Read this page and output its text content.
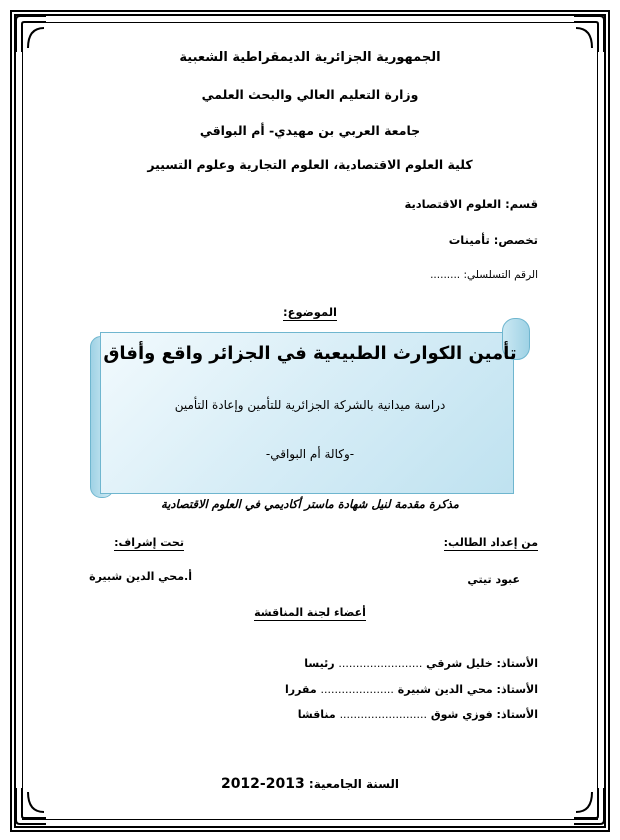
الجمهورية الجزائرية الديمقراطية الشعبية
وزارة التعليم العالي والبحث العلمي
جامعة العربي بن مهيدي- أم البواقي
كلية العلوم الاقتصادية، العلوم التجارية وعلوم التسيير
قسم: العلوم الاقتصادية
تخصص: تأمينات
الرقم التسلسلي: .........
الموضوع:
تأمين الكوارث الطبيعية في الجزائر واقع وأفاق
دراسة ميدانية بالشركة الجزائرية للتأمين وإعادة التأمين
-وكالة أم البواقي-
مذكرة مقدمة لنيل شهادة ماستر أكاديمي في العلوم الاقتصادية
من إعداد الطالب:
تحت إشراف:
عبود تيتي
أ.محي الدين شبيرة
أعضاء لجنة المناقشة
الأستاذ: خليل شرقي ........................ رئيسا
الأستاذ: محي الدين شبيرة ..................... مقررا
الأستاذ: فوزي شوق ......................... مناقشا
السنة الجامعية: 2013-2012
